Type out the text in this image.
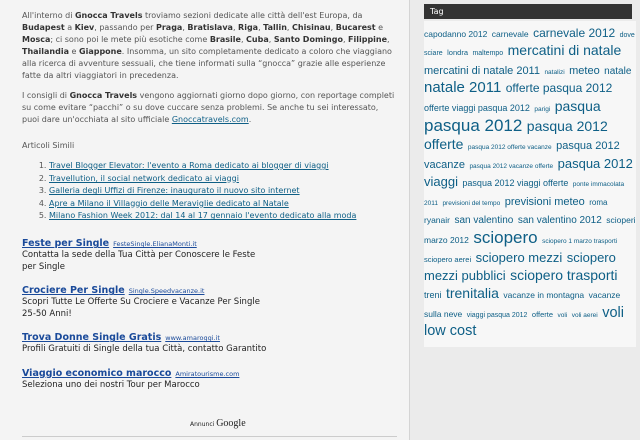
All'interno di Gnocca Travels troviamo sezioni dedicate alle città dell'est Europa, da Budapest a Kiev, passando per Praga, Bratislava, Riga, Tallin, Chisinau, Bucarest e Mosca; ci sono poi le mete più esotiche come Brasile, Cuba, Santo Domingo, Filippine, Thailandia e Giappone. Insomma, un sito completamente dedicato a coloro che viaggiano alla ricerca di avventure sessuali, che tiene informati sulla “gnocca” grazie alle esperienze fatte da altri viaggiatori in precedenza.

I consigli di Gnocca Travels vengono aggiornati giorno dopo giorno, con reportage completi su come evitare “pacchi” o su dove cuccare senza problemi. Se anche tu sei interessato, puoi dare un'occhiata al sito ufficiale Gnoccatravels.com.

Articoli Simili
1. Travel Blogger Elevator: l'evento a Roma dedicato ai blogger di viaggi
2. Travellution, il social network dedicato ai viaggi
3. Galleria degli Uffizi di Firenze: inaugurato il nuovo sito internet
4. Apre a Milano il Villaggio delle Meraviglie dedicato al Natale
5. Milano Fashion Week 2012: dal 14 al 17 gennaio l'evento dedicato alla moda
Feste per Single FesteSingle.ElianaMonti.it
Contatta la sede della Tua Città per Conoscere le Feste per Single
Crociere Per Single Single.Speedvacanze.it
Scopri Tutte Le Offerte Su Crociere e Vacanze Per Single 25-50 Anni!
Trova Donne Single Gratis www.amaroggi.it
Profili Gratuiti di Single della tua Città, contatto Garantito
Viaggio economico marocco Amiratourisme.com
Seleziona uno dei nostri Tour per Marocco
Annunci Google
Tag
capodanno 2012 carnevale carnevale 2012 dove sciare londra maltempo mercatini di natale mercatini di natale 2011 natalizi meteo natale natale 2011 offerte pasqua 2012 offerte viaggi pasqua 2012 parigi pasqua pasqua 2012 pasqua 2012 offerte pasqua 2012 offerte vacanze pasqua 2012 vacanze pasqua 2012 vacanze offerte pasqua 2012 viaggi pasqua 2012 viaggi offerte ponte immacolata 2011 previsioni del tempo previsioni meteo roma ryanair san valentino san valentino 2012 scioperi marzo 2012 sciopero sciopero 1 marzo trasporti sciopero aerei sciopero mezzi sciopero mezzi pubblici sciopero trasporti treni trenitalia vacanze in montagna vacanze sulla neve viaggi pasqua 2012 offerte voli voli aerei voli low cost
